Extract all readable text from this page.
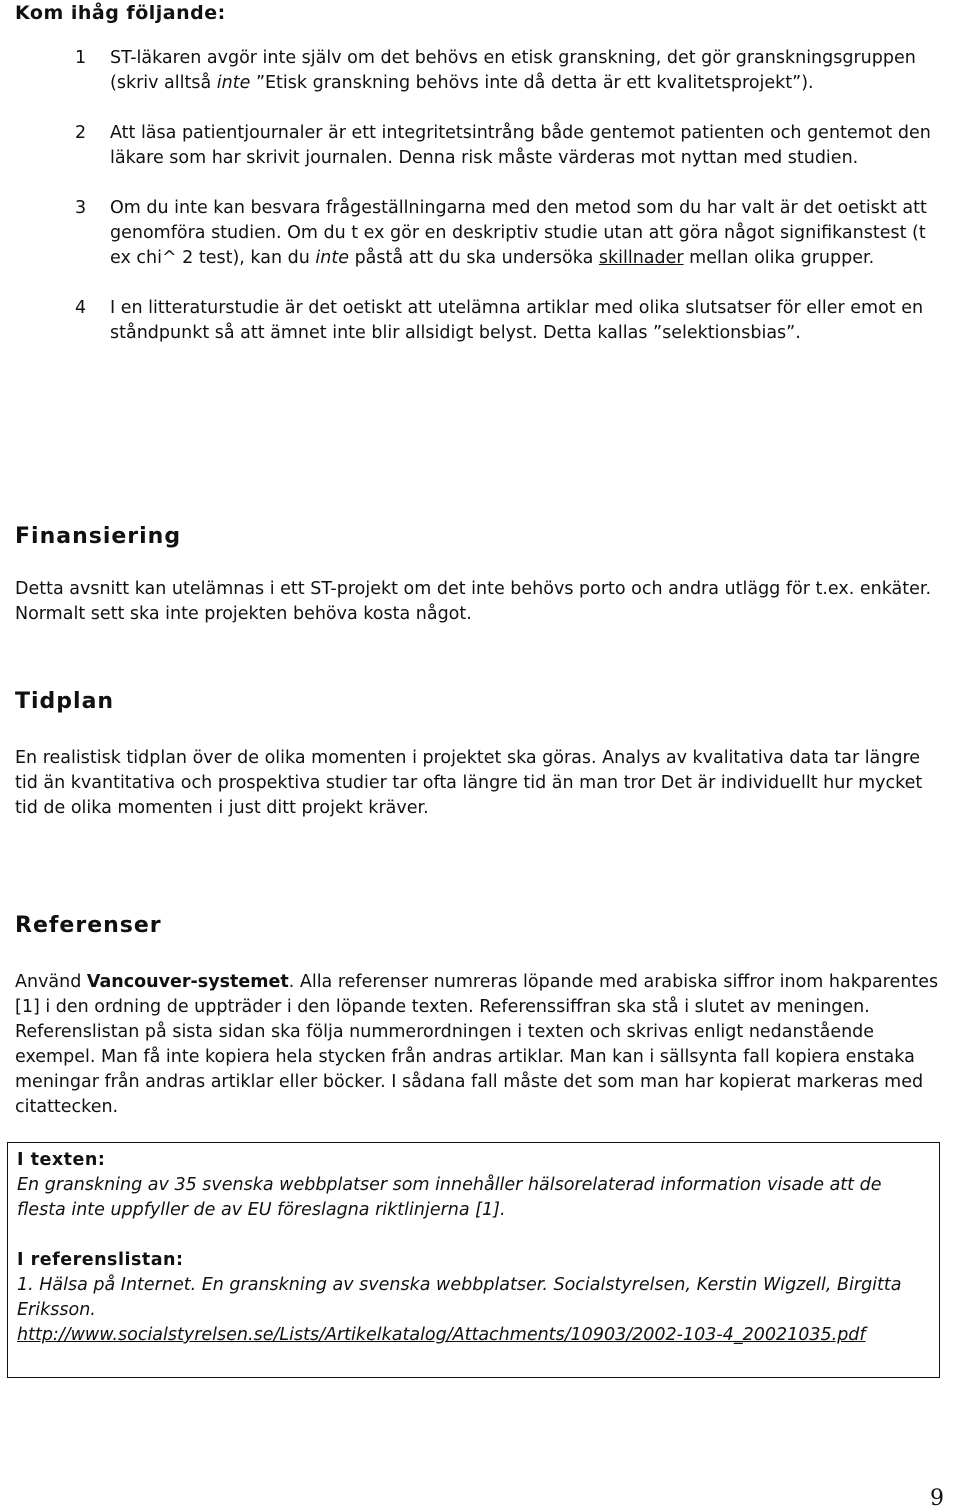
Kom ihåg följande:
1 ST-läkaren avgör inte själv om det behövs en etisk granskning, det gör granskningsgruppen (skriv alltså inte ”Etisk granskning behövs inte då detta är ett kvalitetsprojekt”).
2 Att läsa patientjournaler är ett integritetsintrång både gentemot patienten och gentemot den läkare som har skrivit journalen. Denna risk måste värderas mot nyttan med studien.
3 Om du inte kan besvara frågeställningarna med den metod som du har valt är det oetiskt att genomföra studien. Om du t ex gör en deskriptiv studie utan att göra något signifikanstest (t ex chi^ 2 test), kan du inte påstå att du ska undersöka skillnader mellan olika grupper.
4 I en litteraturstudie är det oetiskt att utelämna artiklar med olika slutsatser för eller emot en ståndpunkt så att ämnet inte blir allsidigt belyst. Detta kallas ”selektionsbias”.
Finansiering
Detta avsnitt kan utelämnas i ett ST-projekt om det inte behövs porto och andra utlägg för t.ex. enkäter. Normalt sett ska inte projekten behöva kosta något.
Tidplan
En realistisk tidplan över de olika momenten i projektet ska göras. Analys av kvalitativa data tar längre tid än kvantitativa och prospektiva studier tar ofta längre tid än man tror Det är individuellt hur mycket tid de olika momenten i just ditt projekt kräver.
Referenser
Använd Vancouver-systemet. Alla referenser numreras löpande med arabiska siffror inom hakparentes [1] i den ordning de uppträder i den löpande texten. Referenssiffran ska stå i slutet av meningen. Referenslistan på sista sidan ska följa nummerordningen i texten och skrivas enligt nedanstående exempel. Man få inte kopiera hela stycken från andras artiklar. Man kan i sällsynta fall kopiera enstaka meningar från andras artiklar eller böcker. I sådana fall måste det som man har kopierat markeras med citattecken.
I texten:
En granskning av 35 svenska webbplatser som innehåller hälsorelaterad information visade att de flesta inte uppfyller de av EU föreslagna riktlinjerna [1].
I referenslistan:
1. Hälsa på Internet. En granskning av svenska webbplatser. Socialstyrelsen, Kerstin Wigzell, Birgitta Eriksson.
http://www.socialstyrelsen.se/Lists/Artikelkatalog/Attachments/10903/2002-103-4_20021035.pdf
9
